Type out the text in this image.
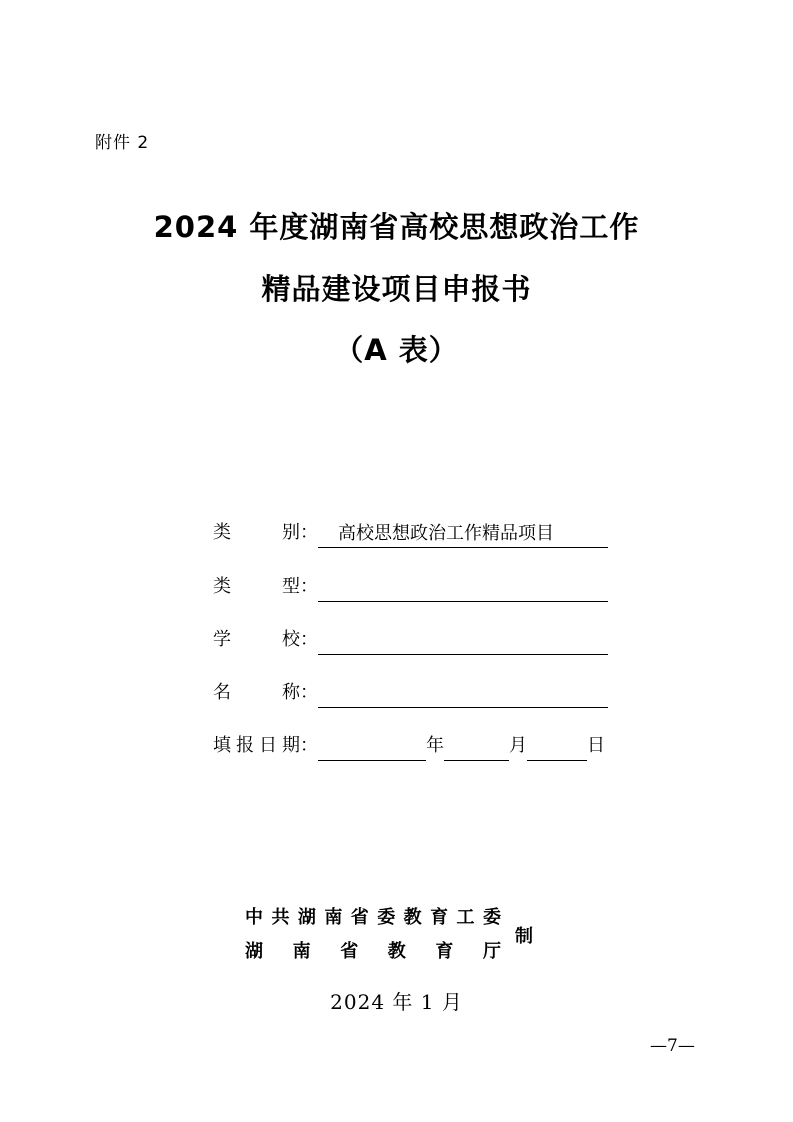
附件 2
2024 年度湖南省高校思想政治工作
精品建设项目申报书
（A 表）
类	别：	高校思想政治工作精品项目
类	型：
学	校：
名	称：
填 报 日 期：	年	月	日
中 共 湖 南 省 委 教 育 工 委
湖 南 省 教 育 厅
制
2024 年 1 月
—7—
